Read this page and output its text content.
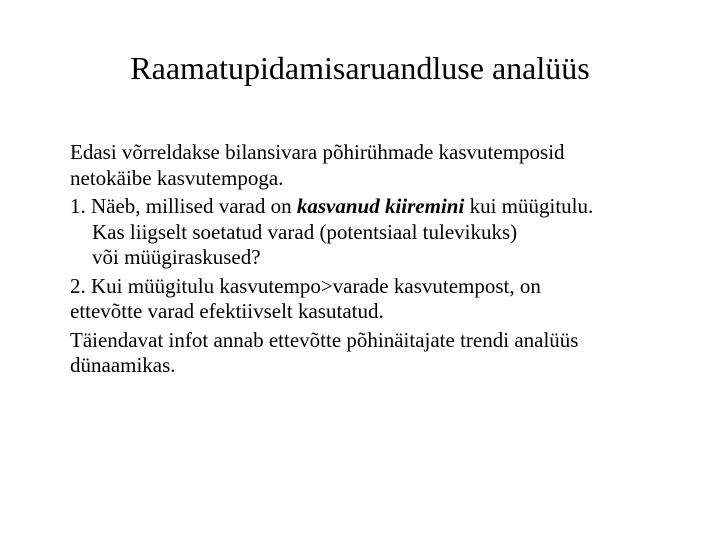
Raamatupidamisaruandluse analüüs

Edasi võrreldakse bilansivara põhirühmade kasvutemposid
netokäibe kasvutempoga.

1. Näeb, millised varad on kasvanud kiiremini kui müügitulu.
Kas liigselt soetatud varad (potentsiaal tulevikuks)
või müügiraskused?

2. Kui müügitulu kasvutempo>varade kasvutempost, on
ettevõtte varad efektiivselt kasutatud.

Täiendavat infot annab ettevõtte põhinäitajate trendi analüüs
dünaamikas.
